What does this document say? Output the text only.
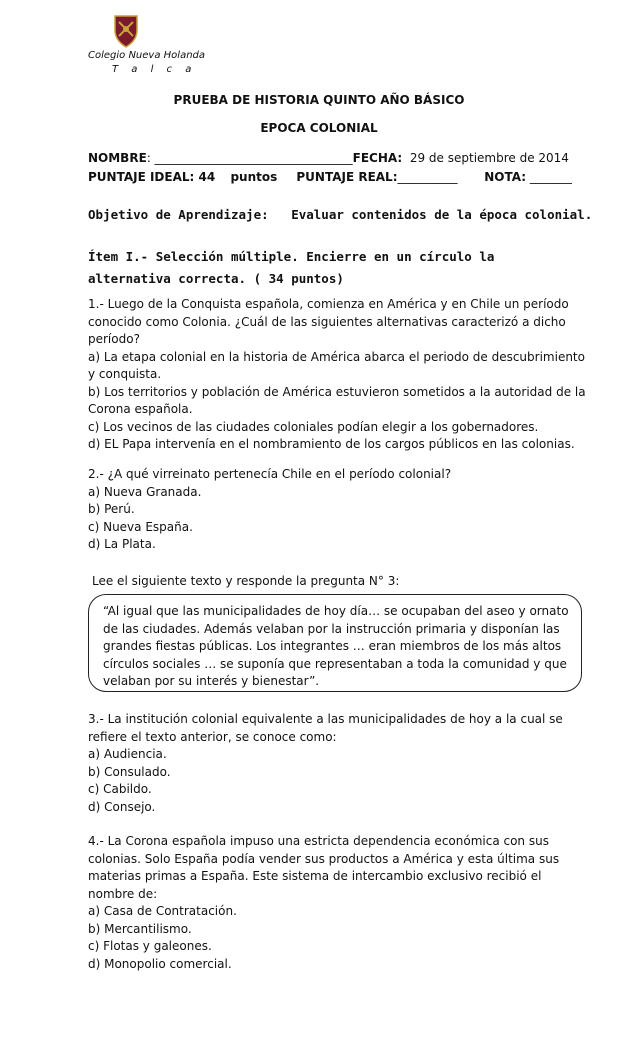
Colegio Nueva Holanda
T a l c a
PRUEBA DE HISTORIA QUINTO AÑO BÁSICO
EPOCA COLONIAL
NOMBRE: _________________________________FECHA: 29 de septiembre de 2014
PUNTAJE IDEAL: 44 puntos PUNTAJE REAL:__________ NOTA: _______
Objetivo de Aprendizaje: Evaluar contenidos de la época colonial.
Ítem I.- Selección múltiple. Encierre en un círculo la alternativa correcta. ( 34 puntos)

1.- Luego de la Conquista española, comienza en América y en Chile un período conocido como Colonia. ¿Cuál de las siguientes alternativas caracterizó a dicho período?

a) La etapa colonial en la historia de América abarca el periodo de descubrimiento y conquista.
b) Los territorios y población de América estuvieron sometidos a la autoridad de la Corona española.
c) Los vecinos de las ciudades coloniales podían elegir a los gobernadores.
d) EL Papa intervenía en el nombramiento de los cargos públicos en las colonias.

2.- ¿A qué virreinato pertenecía Chile en el período colonial?

a) Nueva Granada.
b) Perú.
c) Nueva España.
d) La Plata.
Lee el siguiente texto y responde la pregunta N° 3:
“Al igual que las municipalidades de hoy día… se ocupaban del aseo y ornato de las ciudades. Además velaban por la instrucción primaria y disponían las grandes fiestas públicas. Los integrantes … eran miembros de los más altos círculos sociales … se suponía que representaban a toda la comunidad y que velaban por su interés y bienestar”.

3.- La institución colonial equivalente a las municipalidades de hoy a la cual se refiere el texto anterior, se conoce como:

a) Audiencia.
b) Consulado.
c) Cabildo.
d) Consejo.

4.- La Corona española impuso una estricta dependencia económica con sus colonias. Solo España podía vender sus productos a América y esta última sus materias primas a España. Este sistema de intercambio exclusivo recibió el nombre de:

a) Casa de Contratación.
b) Mercantilismo.
c) Flotas y galeones.
d) Monopolio comercial.
